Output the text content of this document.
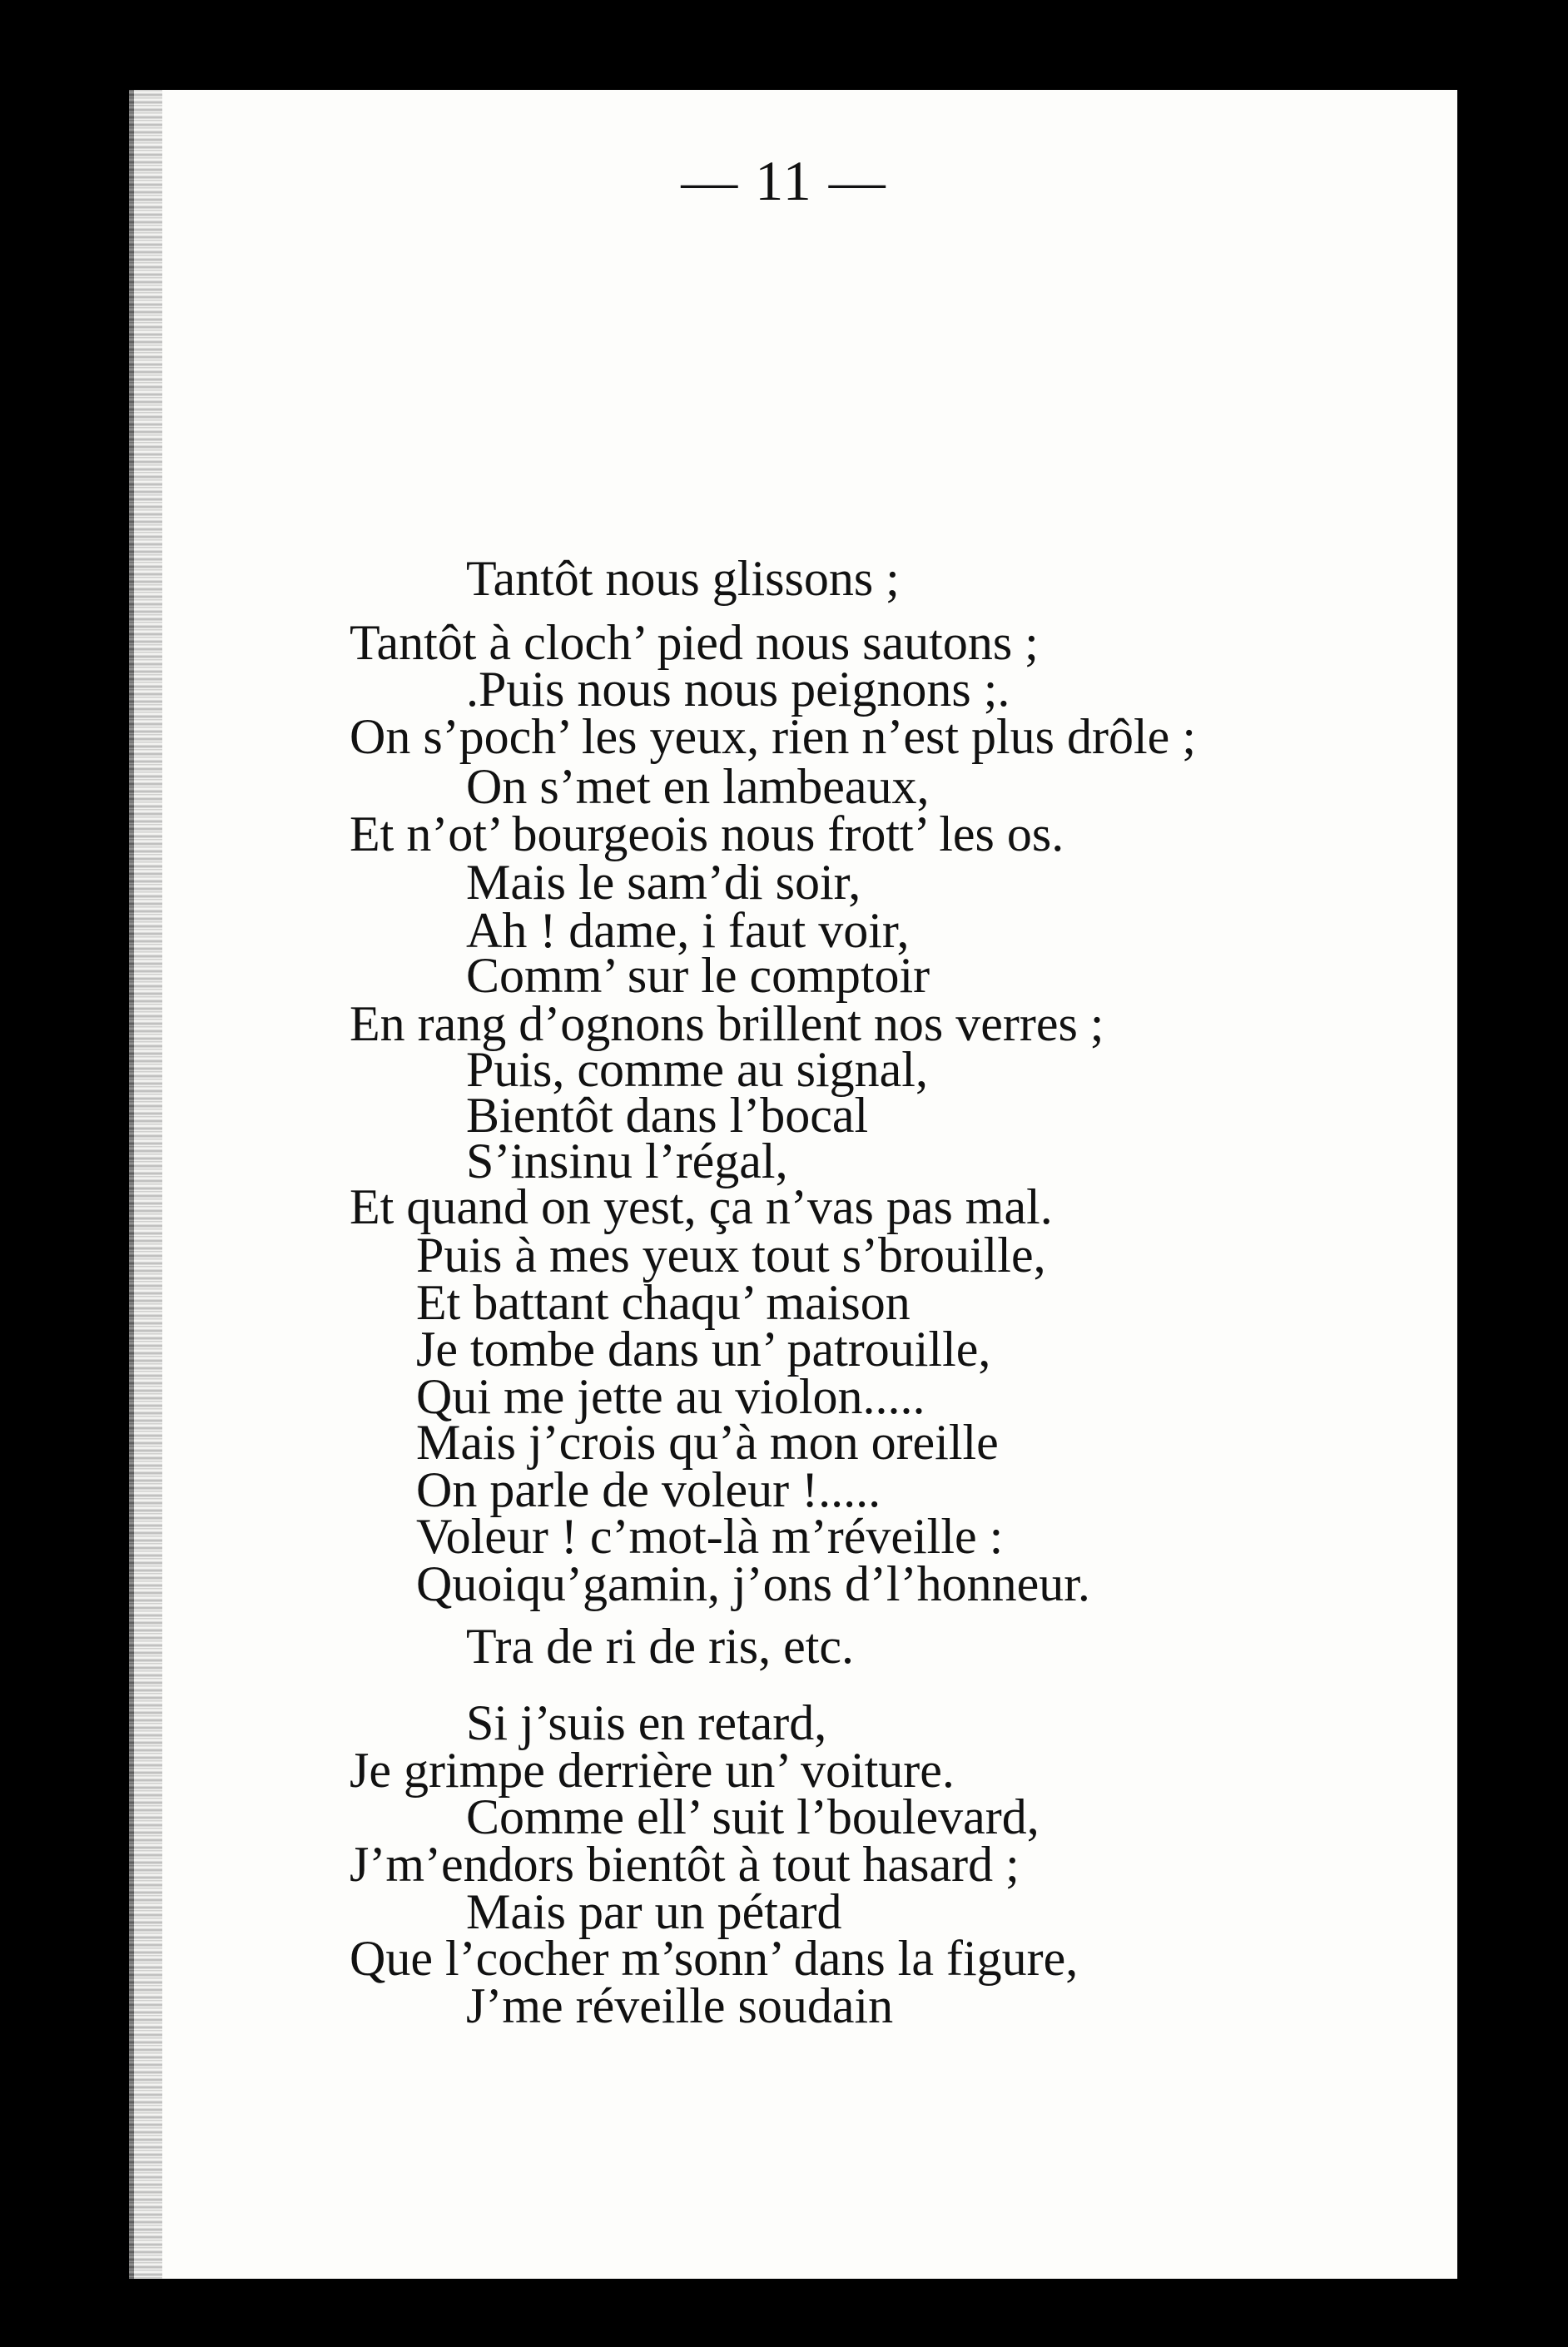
— 11 —
Tantôt nous glissons ;
Tantôt à cloch’ pied nous sautons ;
.Puis nous nous peignons ;.
On s’poch’ les yeux, rien n’est plus drôle ;
On s’met en lambeaux,
Et n’ot’ bourgeois nous frott’ les os.
Mais le sam’di soir,
Ah ! dame, i faut voir,
Comm’ sur le comptoir
En rang d’ognons brillent nos verres ;
Puis, comme au signal,
Bientôt dans l’bocal
S’insinu l’régal,
Et quand on yest, ça n’vas pas mal.
Puis à mes yeux tout s’brouille,
Et battant chaqu’ maison
Je tombe dans un’ patrouille,
Qui me jette au violon.....
Mais j’crois qu’à mon oreille
On parle de voleur !.....
Voleur ! c’mot-là m’réveille :
Quoiqu’gamin, j’ons d’l’honneur.
Tra de ri de ris, etc.
Si j’suis en retard,
Je grimpe derrière un’ voiture.
Comme ell’ suit l’boulevard,
J’m’endors bientôt à tout hasard ;
Mais par un pétard
Que l’cocher m’sonn’ dans la figure,
J’me réveille soudain
